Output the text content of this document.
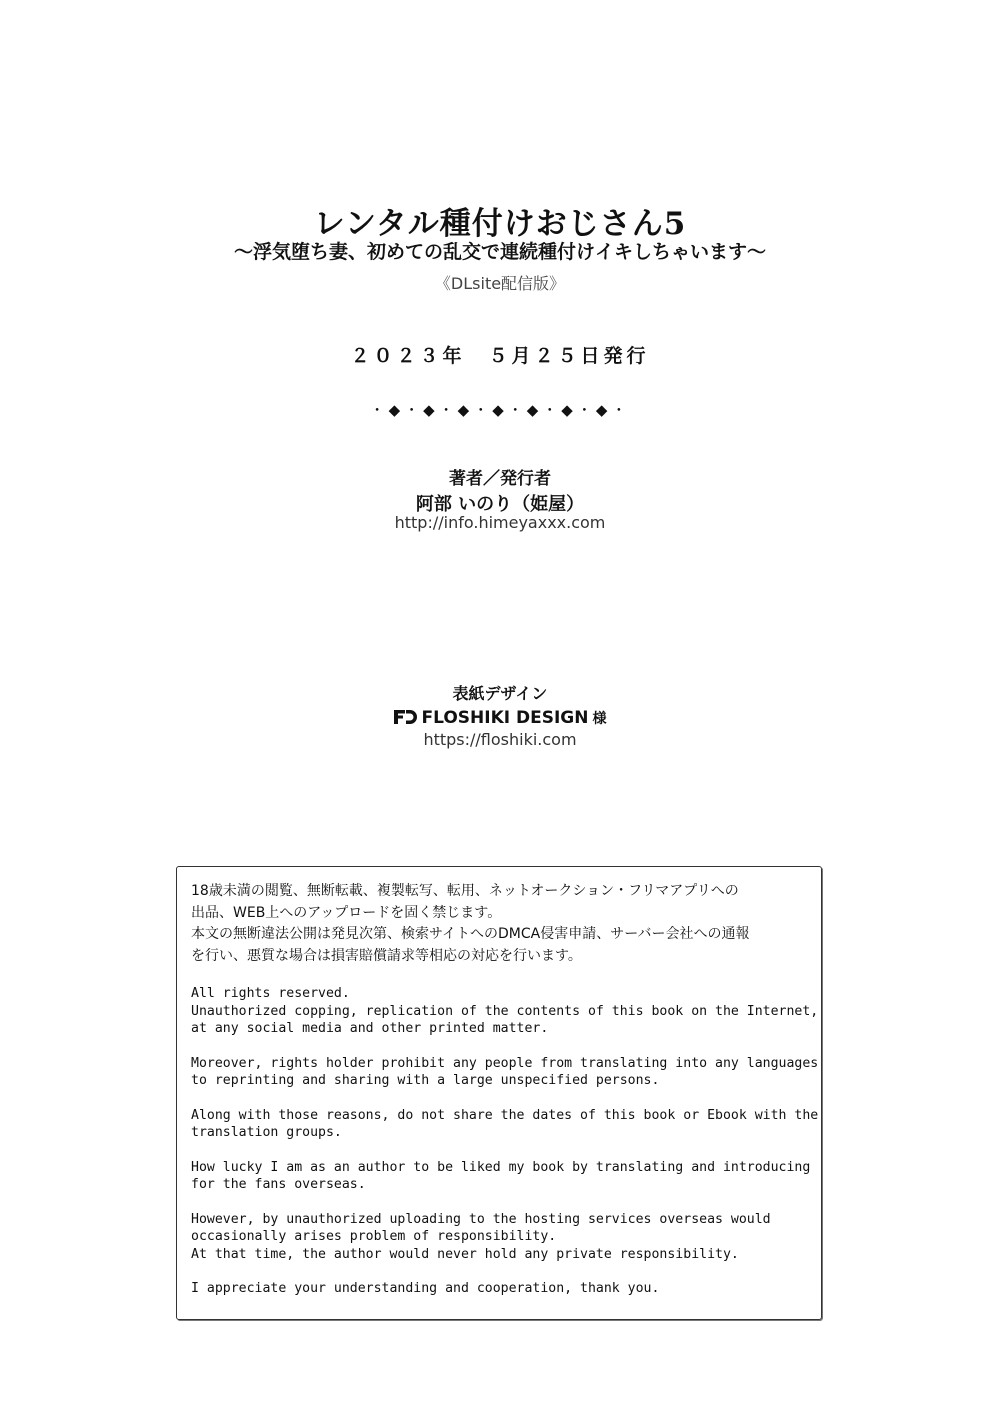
レンタル種付けおじさん5
〜浮気堕ち妻、初めての乱交で連続種付けイキしちゃいます〜
《DLsite配信版》
２０２３年　５月２５日発行
・◆・◆・◆・◆・◆・◆・◆・
著者／発行者
阿部 いのり（姫屋）
http://info.himeyaxxx.com
表紙デザイン
FLOSHIKI DESIGN 様
https://floshiki.com

18歳未満の閲覧、無断転載、複製転写、転用、ネットオークション・フリマアプリへの

出品、WEB上へのアップロードを固く禁じます。

本文の無断違法公開は発見次第、検索サイトへのDMCA侵害申請、サーバー会社への通報

を行い、悪質な場合は損害賠償請求等相応の対応を行います。

All rights reserved.

Unauthorized copping, replication of the contents of this book on the Internet,

at any social media and other printed matter.

Moreover, rights holder prohibit any people from translating into any languages

to reprinting and sharing with a large unspecified persons.

Along with those reasons, do not share the dates of this book or Ebook with the

translation groups.

How lucky I am as an author to be liked my book by translating and introducing

for the fans overseas.

However, by unauthorized uploading to the hosting services overseas would

occasionally arises problem of responsibility.

At that time, the author would never hold any private responsibility.

I appreciate your understanding and cooperation, thank you.
